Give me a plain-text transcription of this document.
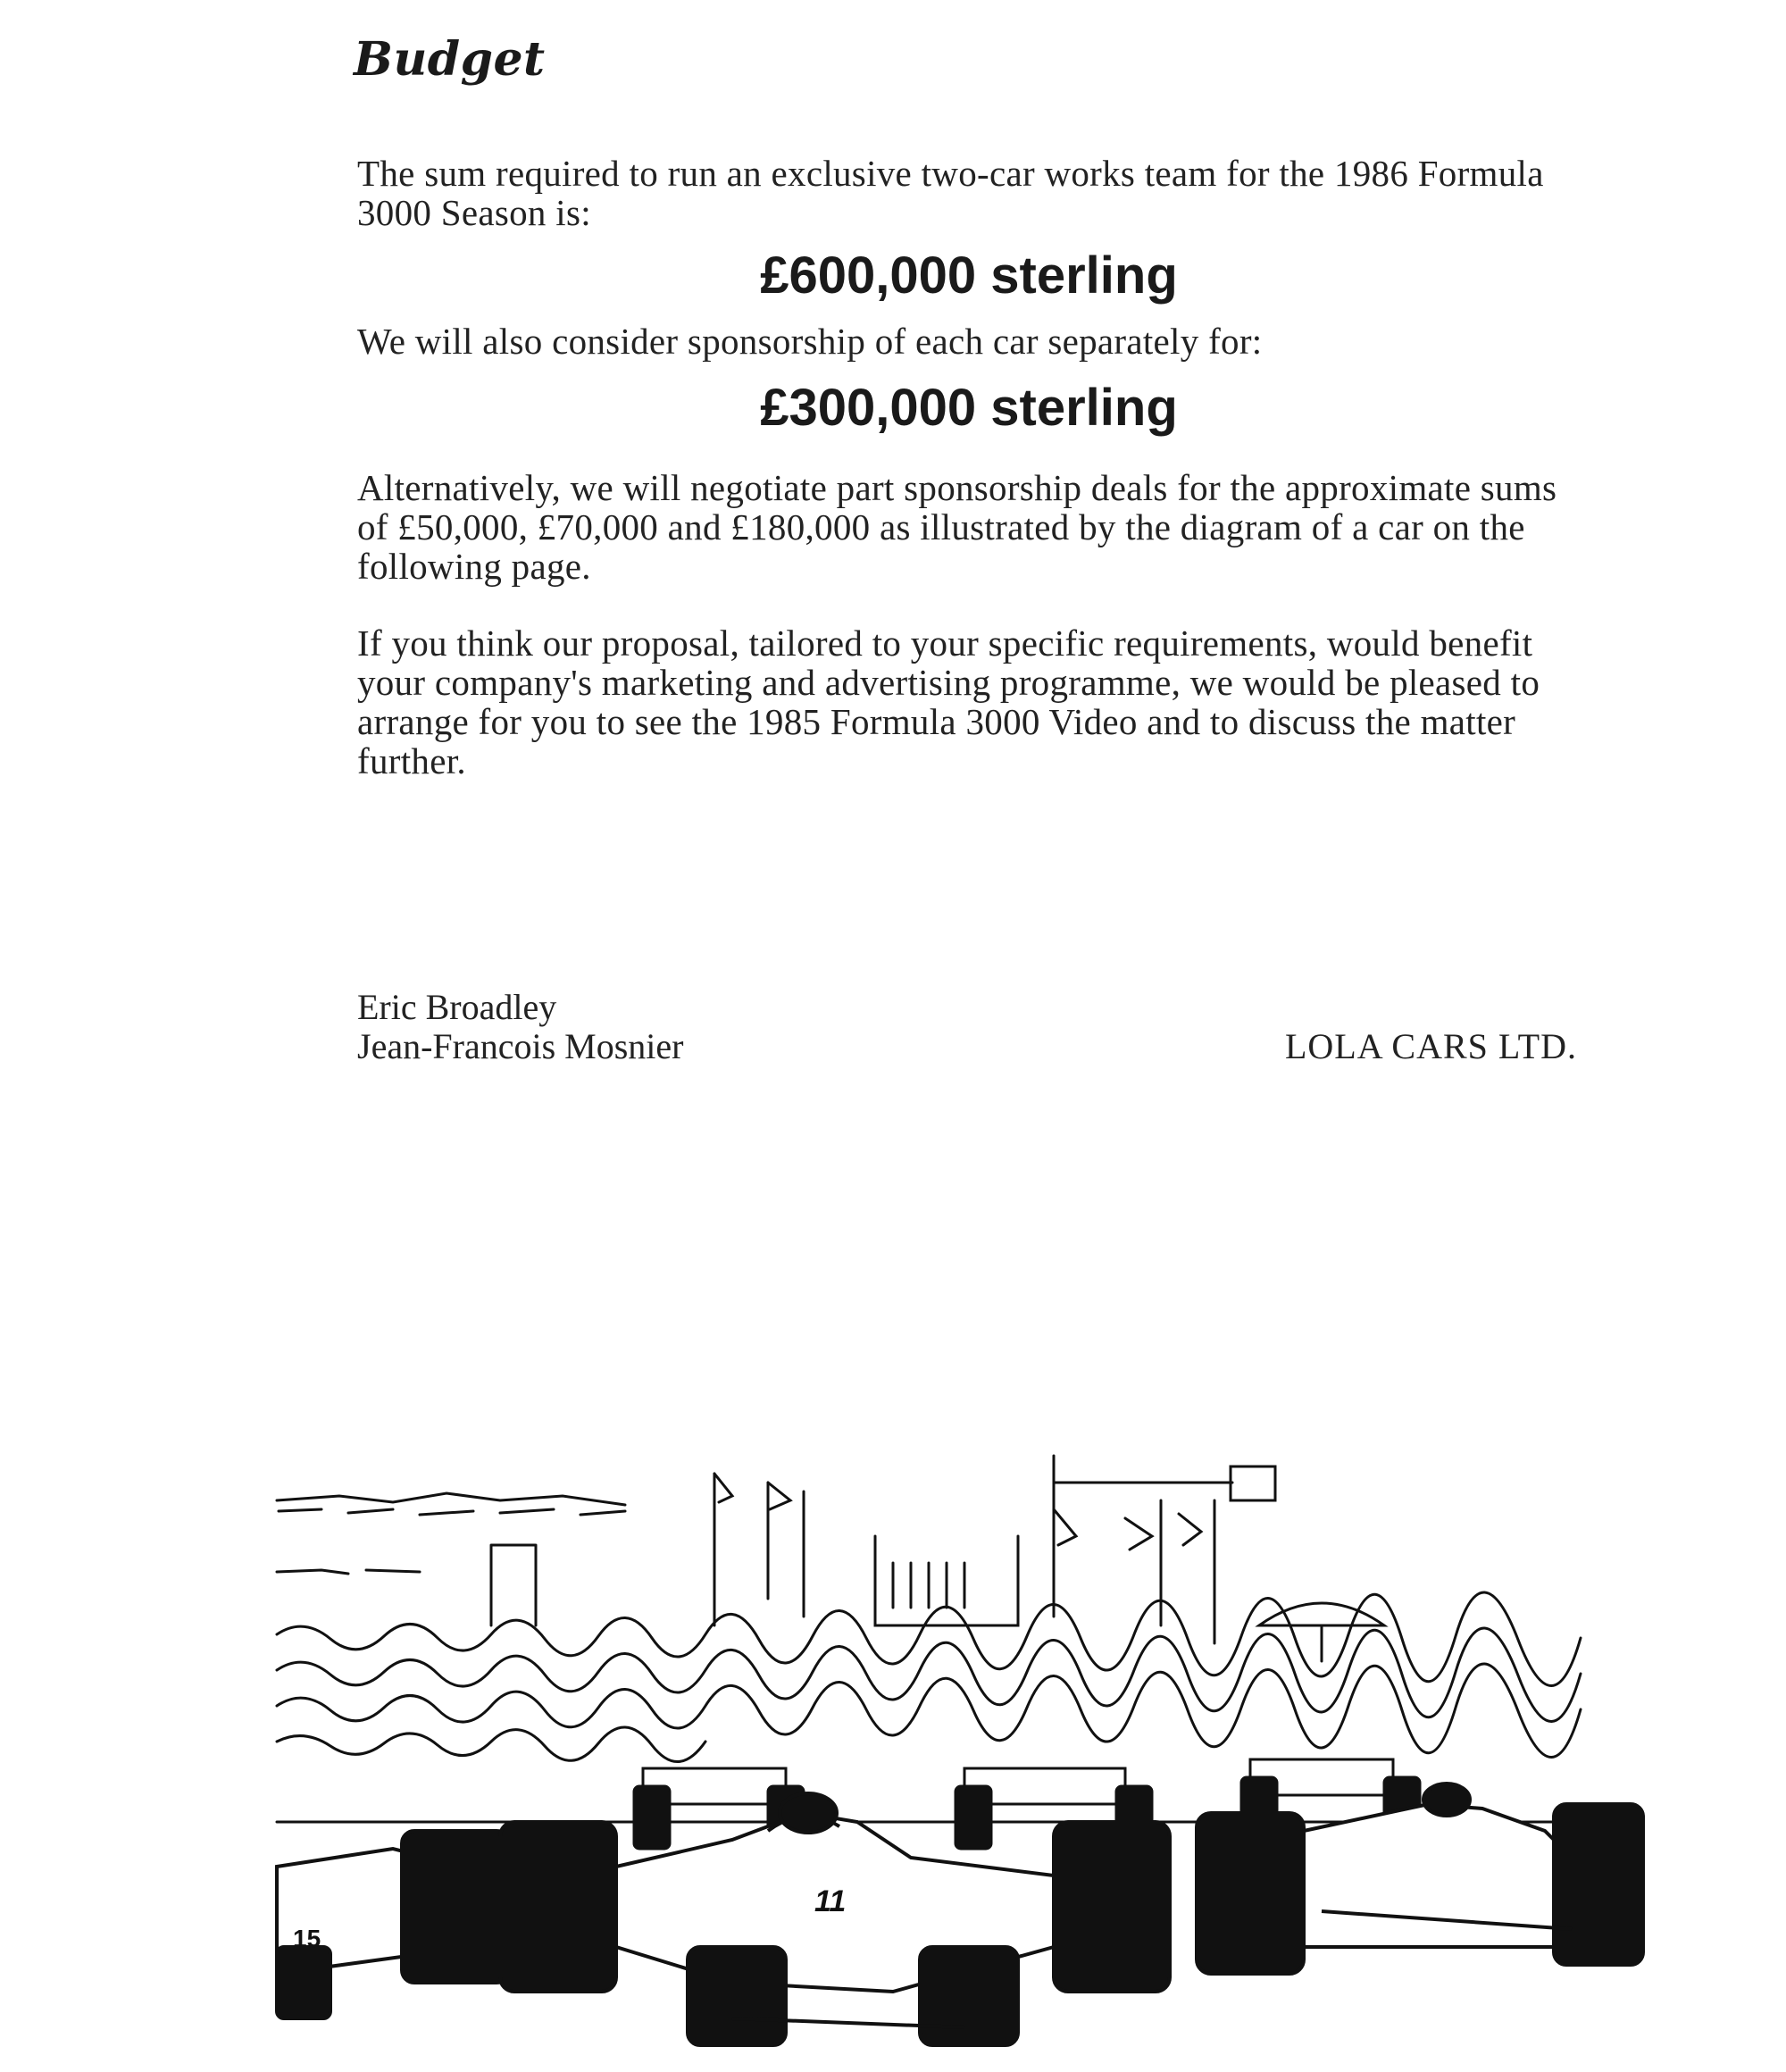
Budget

The sum required to run an exclusive two-car works team for the 1986 Formula 3000 Season is:

£600,000 sterling

We will also consider sponsorship of each car separately for:

£300,000 sterling

Alternatively, we will negotiate part sponsorship deals for the approximate sums of £50,000, £70,000 and £180,000 as illustrated by the diagram of a car on the following page.

If you think our proposal, tailored to your specific requirements, would benefit your company's marketing and advertising programme, we would be pleased to arrange for you to see the 1985 Formula 3000 Video and to discuss the matter further.

Eric Broadley
Jean-Francois Mosnier	LOLA CARS LTD.
15
11
